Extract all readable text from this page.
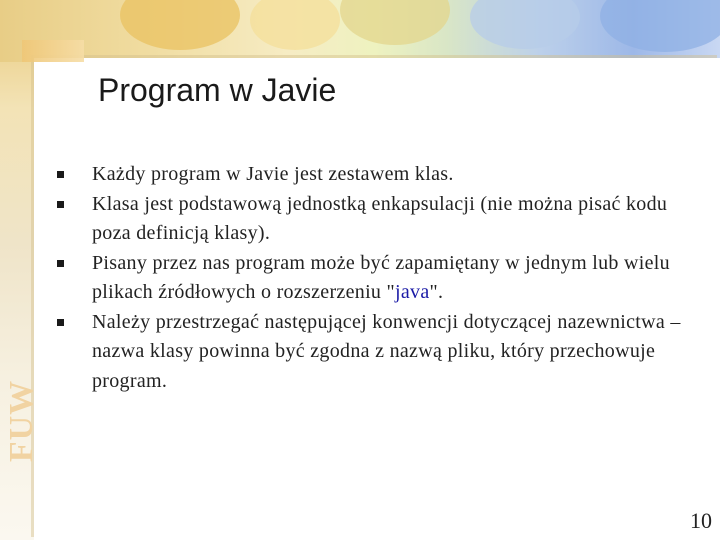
FUW
Program w Javie
Każdy program w Javie jest zestawem klas.
Klasa jest podstawową jednostką enkapsulacji (nie można pisać kodu poza definicją klasy).
Pisany przez nas program może być zapamiętany w jednym lub wielu plikach źródłowych o rozszerzeniu "java".
Należy przestrzegać następującej konwencji dotyczącej nazewnictwa – nazwa klasy powinna być zgodna z nazwą pliku, który przechowuje program.
10
